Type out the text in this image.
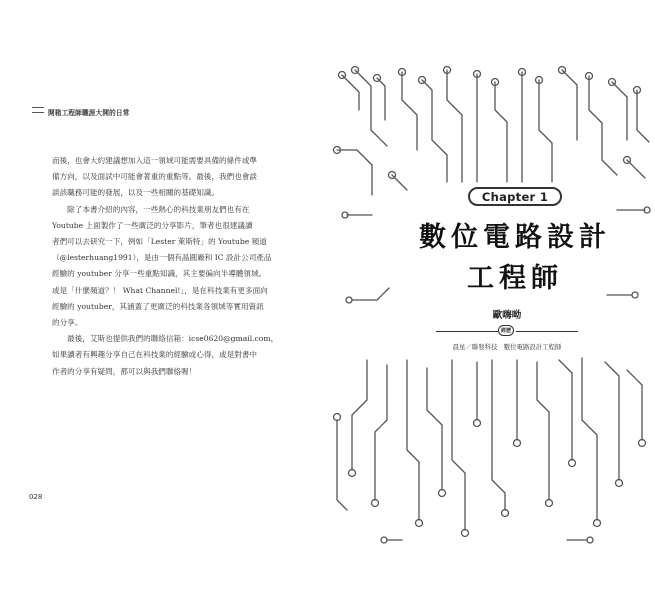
開箱工程師職涯大開的日常

而後，也會大約建議想加入這一領域可能需要具備的條件或準
備方向，以及面試中可能會著重的重點等。最後，我們也會談
談該職務可能的發展，以及一些相關的基礎知識。

　　除了本書介紹的內容，一些熱心的科技業朋友們也有在
Youtube 上面製作了一些廣泛的分享影片，筆者也很建議讀
者們可以去研究一下，例如「Lester 萊斯特」的 Youtube 頻道
（@lesterhuang1991），是由一個有晶圓廠和 IC 設計公司產品
經驗的 youtuber 分享一些重點知識，其主要偏向半導體領域。
或是「什麼頻道？！ What Channel!」，是在科技業有更多面向
經驗的 youtuber，其涵蓋了更廣泛的科技業各領域等實用資訊
的分享。

　　最後，艾斯也提供我們的聯絡信箱：icse0620@gmail.com，
如果讀者有興趣分享自己在科技業的經驗或心得，或是對書中
作者的分享有疑問，都可以與我們聯絡喔！

028
Chapter 1
數位電路設計
工程師
歐嗨呦
經歷
晨星／聯發科技　數位電路設計工程師
